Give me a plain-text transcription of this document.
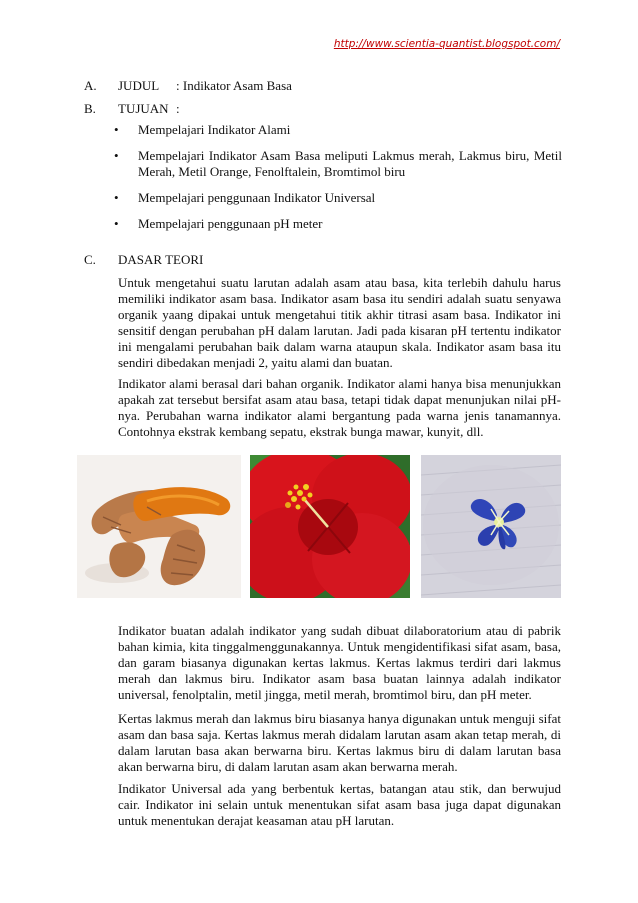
http://www.scientia-quantist.blogspot.com/
A. JUDUL : Indikator Asam Basa
B. TUJUAN :
• Mempelajari Indikator Alami
• Mempelajari Indikator Asam Basa meliputi Lakmus merah, Lakmus biru, Metil Merah, Metil Orange, Fenolftalein, Bromtimol biru
• Mempelajari penggunaan Indikator Universal
• Mempelajari penggunaan pH meter
C. DASAR TEORI

Untuk mengetahui suatu larutan adalah asam atau basa, kita terlebih dahulu harus memiliki indikator asam basa. Indikator asam basa itu sendiri adalah suatu senyawa organik yaang dipakai untuk mengetahui titik akhir titrasi asam basa. Indikator ini sensitif dengan perubahan pH dalam larutan. Jadi pada kisaran pH tertentu indikator ini mengalami perubahan baik dalam warna ataupun skala. Indikator asam basa itu sendiri dibedakan menjadi 2, yaitu alami dan buatan.

Indikator alami berasal dari bahan organik. Indikator alami hanya bisa menunjukkan apakah zat tersebut bersifat asam atau basa, tetapi tidak dapat menunjukan nilai pH-nya. Perubahan warna indikator alami bergantung pada warna jenis tanamannya. Contohnya ekstrak kembang sepatu, ekstrak bunga mawar, kunyit, dll.

Indikator buatan adalah indikator yang sudah dibuat dilaboratorium atau di pabrik bahan kimia, kita tinggalmenggunakannya. Untuk mengidentifikasi sifat asam, basa, dan garam biasanya digunakan kertas lakmus. Kertas lakmus terdiri dari lakmus merah dan lakmus biru. Indikator asam basa buatan lainnya adalah indikator universal, fenolptalin, metil jingga, metil merah, bromtimol biru, dan pH meter.

Kertas lakmus merah dan lakmus biru biasanya hanya digunakan untuk menguji sifat asam dan basa saja. Kertas lakmus merah didalam larutan asam akan tetap merah, di dalam larutan basa akan berwarna biru. Kertas lakmus biru di dalam larutan basa akan berwarna biru, di dalam larutan asam akan berwarna merah.

Indikator Universal ada yang berbentuk kertas, batangan atau stik, dan berwujud cair. Indikator ini selain untuk menentukan sifat asam basa juga dapat digunakan untuk menentukan derajat keasaman atau pH larutan.
